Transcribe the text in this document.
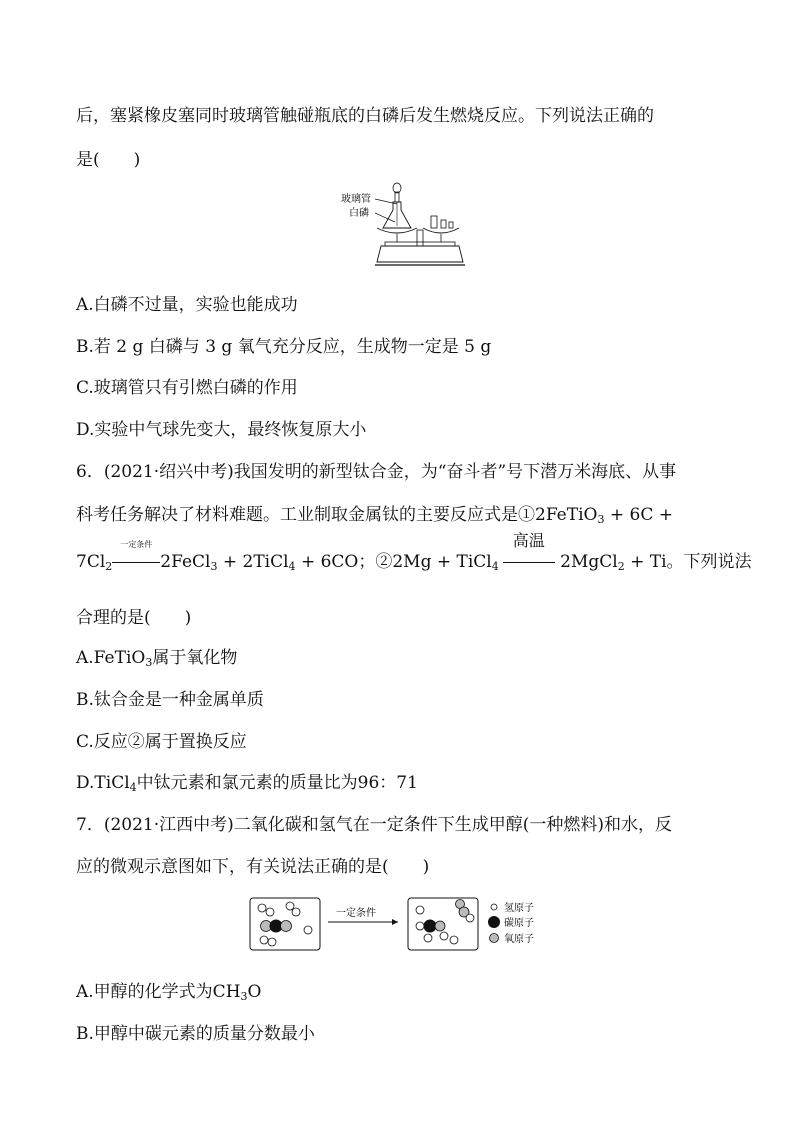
后，塞紧橡皮塞同时玻璃管触碰瓶底的白磷后发生燃烧反应。下列说法正确的
是( )
玻璃管
白磷
A.白磷不过量，实验也能成功
B.若 2 g 白磷与 3 g 氧气充分反应，生成物一定是 5 g
C.玻璃管只有引燃白磷的作用
D.实验中气球先变大，最终恢复原大小
6．(2021·绍兴中考)我国发明的新型钛合金，为“奋斗者”号下潜万米海底、从事
科考任务解决了材料难题。工业制取金属钛的主要反应式是①2FeTiO$_3$ + 6C +
$7Cl_2$
一定条件
2FeCl$_3$ + 2TiCl$_4$ + 6CO；②2Mg + TiCl$_4$
高温
2MgCl$_2$ + Ti。下列说法
合理的是( )
A.FeTiO$_3$属于氧化物
B.钛合金是一种金属单质
C.反应②属于置换反应
D.TiCl$_4$中钛元素和氯元素的质量比为96：71
7．(2021·江西中考)二氧化碳和氢气在一定条件下生成甲醇(一种燃料)和水，反
应的微观示意图如下，有关说法正确的是( )
一定条件	氢原子
碳原子
氧原子
A.甲醇的化学式为$CH_3O$
B.甲醇中碳元素的质量分数最小
